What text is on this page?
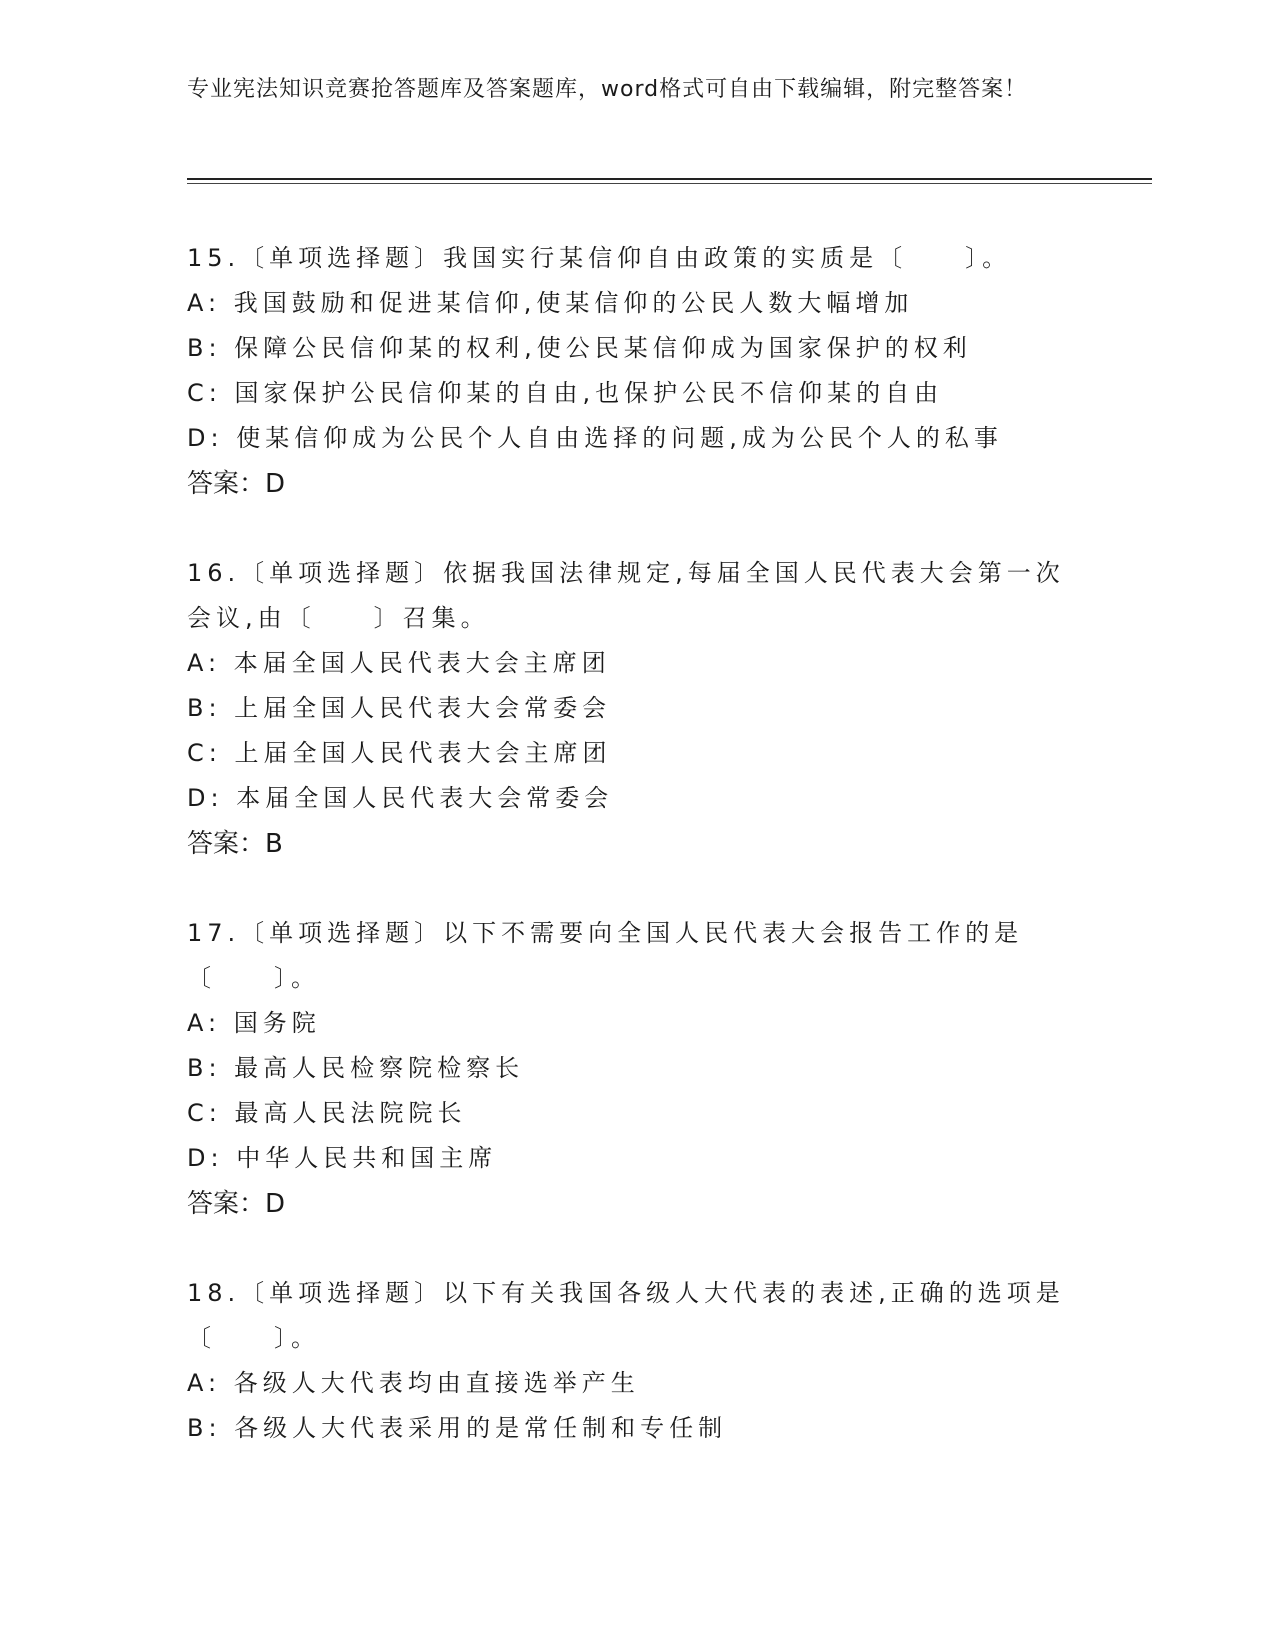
专业宪法知识竞赛抢答题库及答案题库，word格式可自由下载编辑，附完整答案！

15.〔单项选择题〕我国实行某信仰自由政策的实质是〔　　〕。

A: 我国鼓励和促进某信仰,使某信仰的公民人数大幅增加

B: 保障公民信仰某的权利,使公民某信仰成为国家保护的权利

C: 国家保护公民信仰某的自由,也保护公民不信仰某的自由

D: 使某信仰成为公民个人自由选择的问题,成为公民个人的私事

答案：D

16.〔单项选择题〕依据我国法律规定,每届全国人民代表大会第一次会议,由〔　　〕召集。

A: 本届全国人民代表大会主席团

B: 上届全国人民代表大会常委会

C: 上届全国人民代表大会主席团

D: 本届全国人民代表大会常委会

答案：B

17.〔单项选择题〕以下不需要向全国人民代表大会报告工作的是〔　　〕。

A: 国务院

B: 最高人民检察院检察长

C: 最高人民法院院长

D: 中华人民共和国主席

答案：D

18.〔单项选择题〕以下有关我国各级人大代表的表述,正确的选项是〔　　〕。

A: 各级人大代表均由直接选举产生

B: 各级人大代表采用的是常任制和专任制
